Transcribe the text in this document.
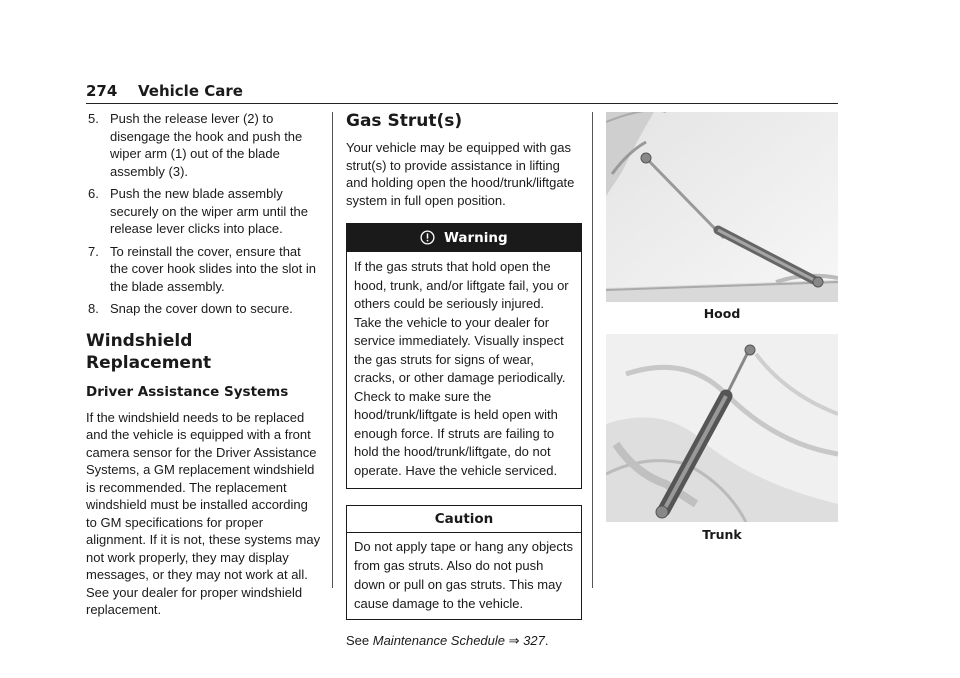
274 Vehicle Care
5. Push the release lever (2) to disengage the hook and push the wiper arm (1) out of the blade assembly (3).
6. Push the new blade assembly securely on the wiper arm until the release lever clicks into place.
7. To reinstall the cover, ensure that the cover hook slides into the slot in the blade assembly.
8. Snap the cover down to secure.
Windshield Replacement
Driver Assistance Systems

If the windshield needs to be replaced and the vehicle is equipped with a front camera sensor for the Driver Assistance Systems, a GM replacement windshield is recommended. The replacement windshield must be installed according to GM specifications for proper alignment. If it is not, these systems may not work properly, they may display messages, or they may not work at all. See your dealer for proper windshield replacement.

Gas Strut(s)

Your vehicle may be equipped with gas strut(s) to provide assistance in lifting and holding open the hood/trunk/liftgate system in full open position.

Warning
If the gas struts that hold open the hood, trunk, and/or liftgate fail, you or others could be seriously injured. Take the vehicle to your dealer for service immediately. Visually inspect the gas struts for signs of wear, cracks, or other damage periodically. Check to make sure the hood/trunk/liftgate is held open with enough force. If struts are failing to hold the hood/trunk/liftgate, do not operate. Have the vehicle serviced.
Caution
Do not apply tape or hang any objects from gas struts. Also do not push down or pull on gas struts. This may cause damage to the vehicle.

See Maintenance Schedule ⇒ 327.

Hood
Trunk
